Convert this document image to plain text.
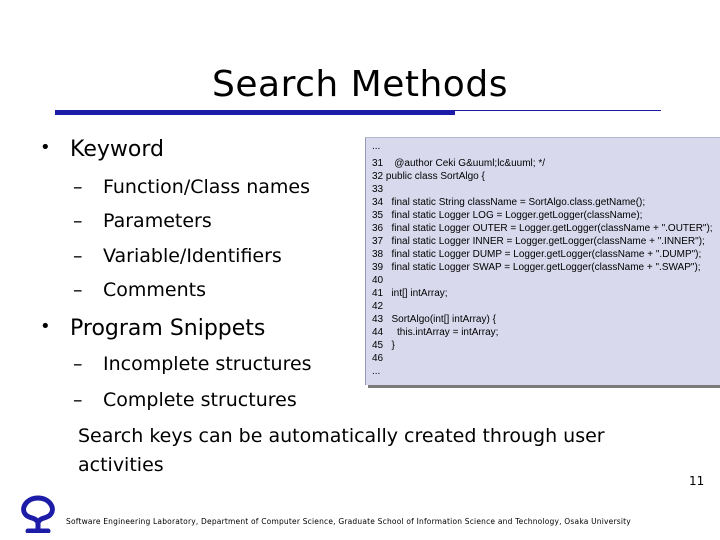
Search Methods
• Keyword
– Function/Class names
– Parameters
– Variable/Identifiers
– Comments
• Program Snippets
– Incomplete structures
– Complete structures
...
31    @author Ceki G&uuml;lc&uuml; */
32 public class SortAlgo {
33
34   final static String className = SortAlgo.class.getName();
35   final static Logger LOG = Logger.getLogger(className);
36   final static Logger OUTER = Logger.getLogger(className + ".OUTER");
37   final static Logger INNER = Logger.getLogger(className + ".INNER");
38   final static Logger DUMP = Logger.getLogger(className + ".DUMP");
39   final static Logger SWAP = Logger.getLogger(className + ".SWAP");
40
41   int[] intArray;
42
43   SortAlgo(int[] intArray) {
44     this.intArray = intArray;
45   }
46
...
Search keys can be automatically created through user activities
Software Engineering Laboratory, Department of Computer Science, Graduate School of Information Science and Technology, Osaka University
11
